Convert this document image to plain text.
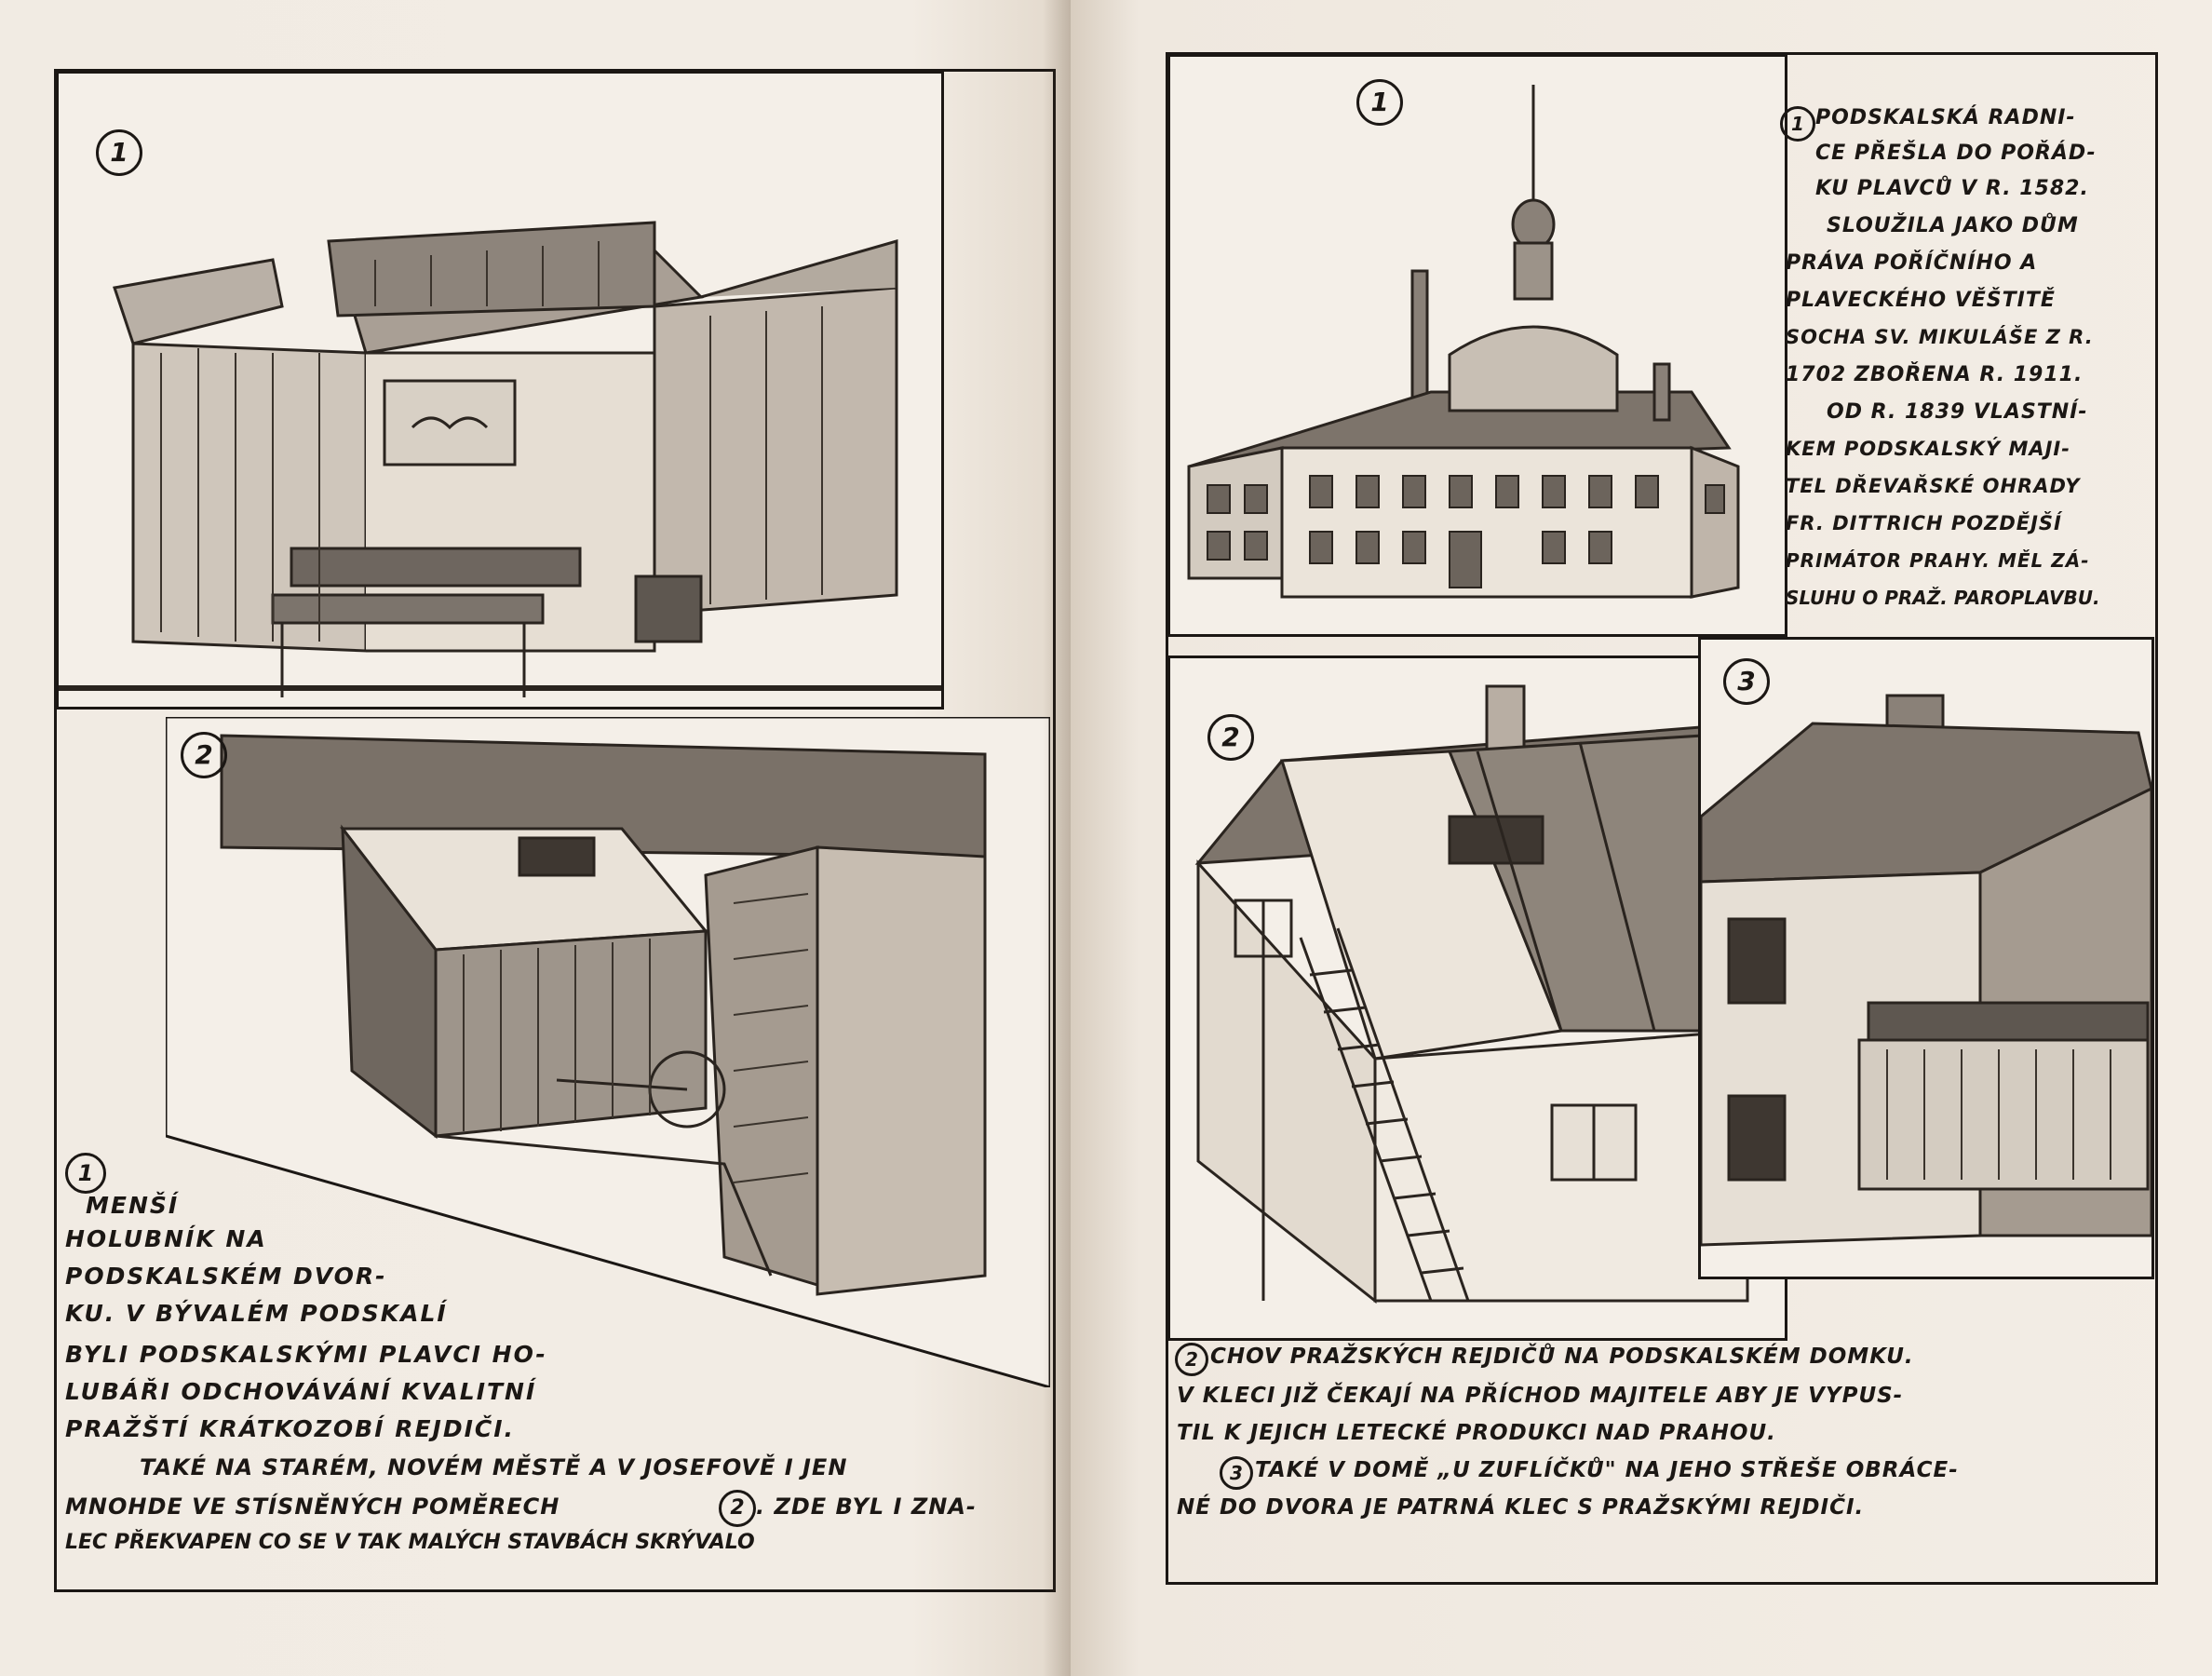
1
2
1
MENŠÍ
HOLUBNÍK NA
PODSKALSKÉM DVOR-
KU. V BÝVALÉM PODSKALÍ
BYLI PODSKALSKÝMI PLAVCI HO-
LUBÁŘI ODCHOVÁVÁNÍ KVALITNÍ
PRAŽŠTÍ KRÁTKOZOBÍ REJDIČI.
TAKÉ NA STARÉM, NOVÉM MĚSTĚ A V JOSEFOVĚ I JEN
MNOHDE VE STÍSNĚNÝCH POMĚRECH	2 . ZDE BYL I ZNA-
LEC PŘEKVAPEN CO SE V TAK MALÝCH STAVBÁCH SKRÝVALO
1
1 PODSKALSKÁ RADNI-
CE PŘEŠLA DO POŘÁD-
KU PLAVCŮ V R. 1582.
SLOUŽILA JAKO DŮM
PRÁVA POŘÍČNÍHO A
PLAVECKÉHO VĚŠTITĚ
SOCHA SV. MIKULÁŠE Z R.
1702 ZBOŘENA R. 1911.
OD R. 1839 VLASTNÍ-
KEM PODSKALSKÝ MAJI-
TEL DŘEVAŘSKÉ OHRADY
FR. DITTRICH POZDĚJŠÍ
PRIMÁTOR PRAHY. MĚL ZÁ-
SLUHU O PRAŽ. PAROPLAVBU.
2
3
2 CHOV PRAŽSKÝCH REJDIČŮ NA PODSKALSKÉM DOMKU.
V KLECI JIŽ ČEKAJÍ NA PŘÍCHOD MAJITELE ABY JE VYPUS-
TIL K JEJICH LETECKÉ PRODUKCI NAD PRAHOU.
3 TAKÉ V DOMĚ „U ZUFLÍČKŮ" NA JEHO STŘEŠE OBRÁCE-
NÉ DO DVORA JE PATRNÁ KLEC S PRAŽSKÝMI REJDIČI.
